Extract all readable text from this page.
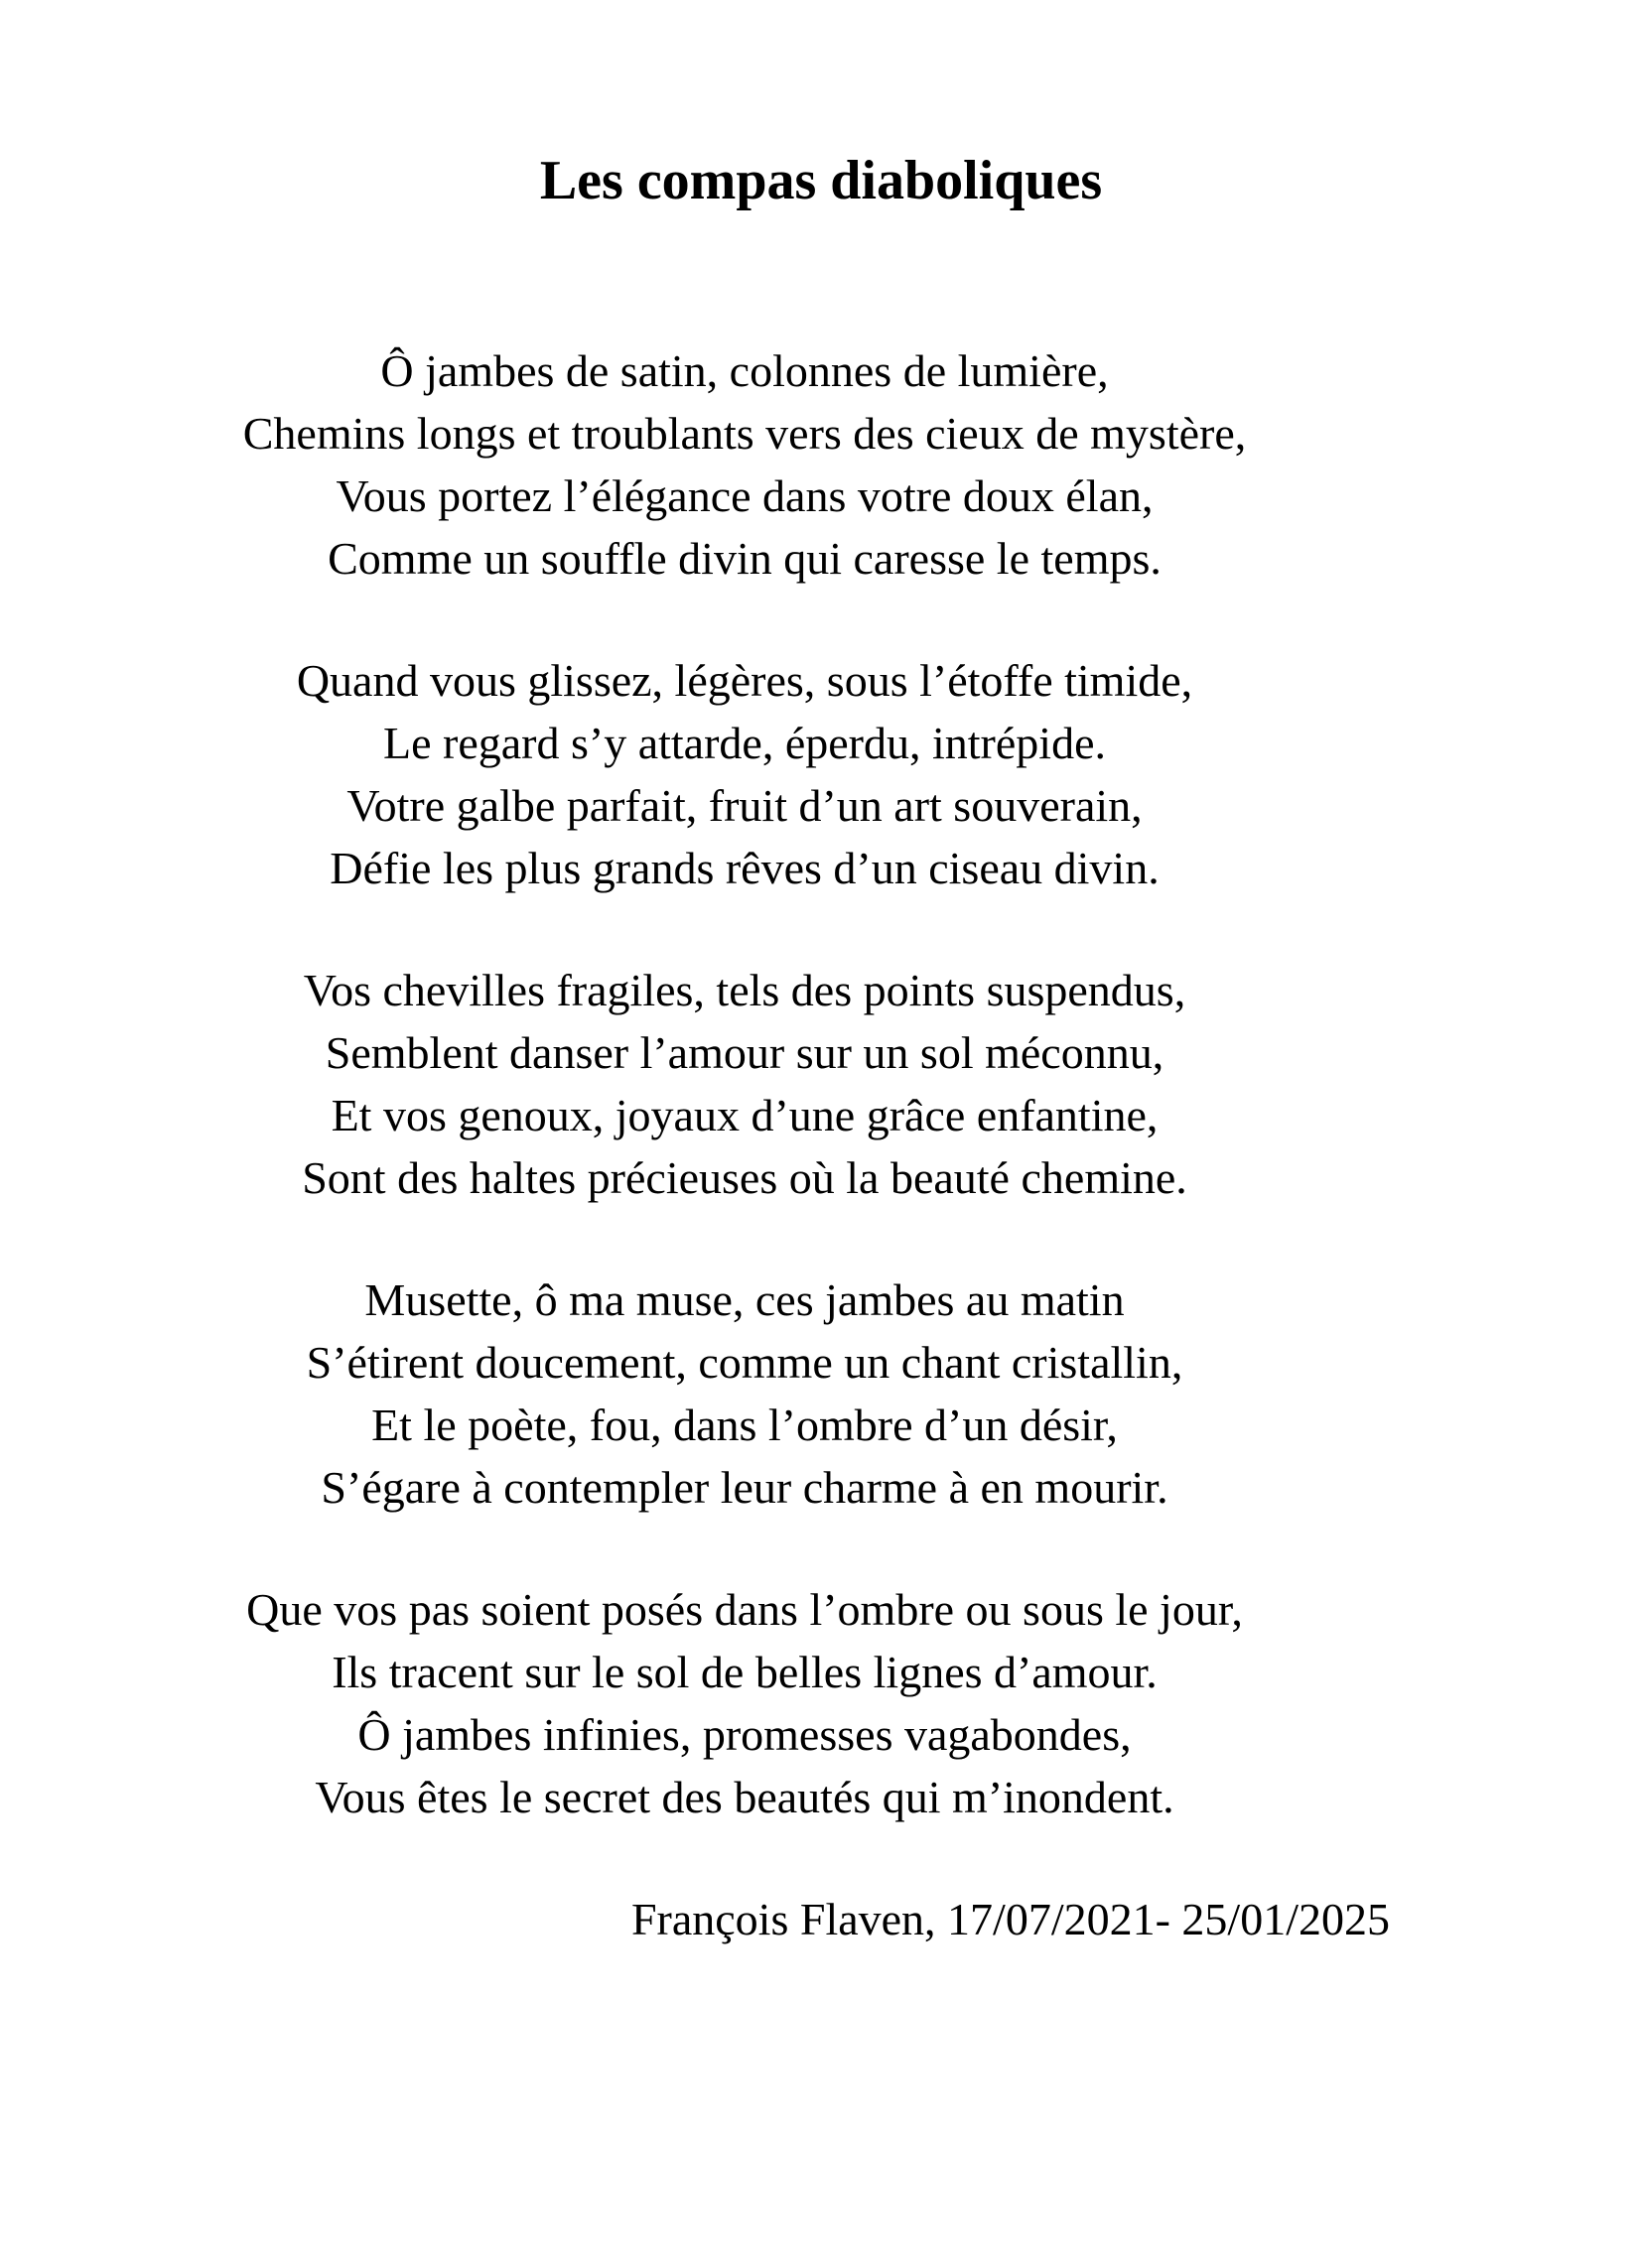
Les compas diaboliques

Ô jambes de satin, colonnes de lumière,
Chemins longs et troublants vers des cieux de mystère,
Vous portez l’élégance dans votre doux élan,
Comme un souffle divin qui caresse le temps.

Quand vous glissez, légères, sous l’étoffe timide,
Le regard s’y attarde, éperdu, intrépide.
Votre galbe parfait, fruit d’un art souverain,
Défie les plus grands rêves d’un ciseau divin.

Vos chevilles fragiles, tels des points suspendus,
Semblent danser l’amour sur un sol méconnu,
Et vos genoux, joyaux d’une grâce enfantine,
Sont des haltes précieuses où la beauté chemine.

Musette, ô ma muse, ces jambes au matin
S’étirent doucement, comme un chant cristallin,
Et le poète, fou, dans l’ombre d’un désir,
S’égare à contempler leur charme à en mourir.

Que vos pas soient posés dans l’ombre ou sous le jour,
Ils tracent sur le sol de belles lignes d’amour.
Ô jambes infinies, promesses vagabondes,
Vous êtes le secret des beautés qui m’inondent.

François Flaven, 17/07/2021- 25/01/2025
